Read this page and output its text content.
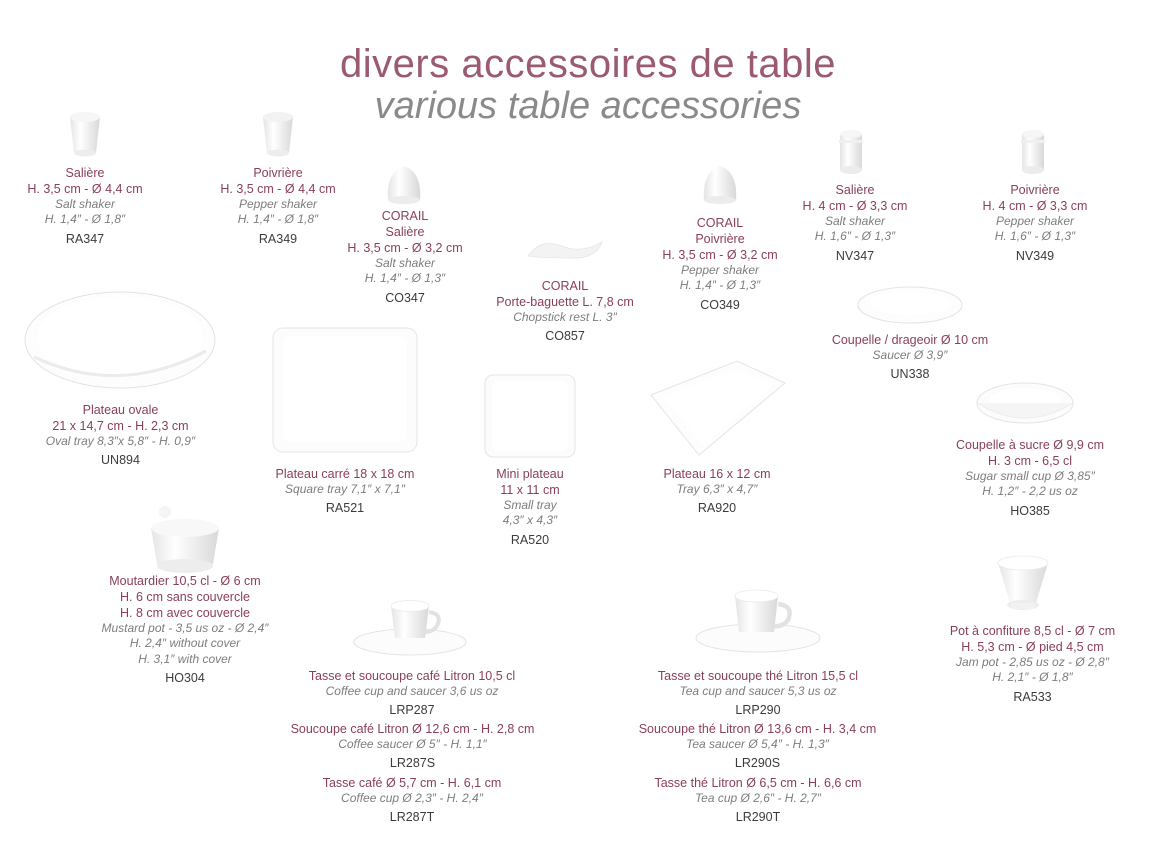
divers accessoires de table
various table accessories
Salière
H. 3,5 cm - Ø 4,4 cm
Salt shaker
H. 1,4″ - Ø 1,8″
RA347
Poivrière
H. 3,5 cm - Ø 4,4 cm
Pepper shaker
H. 1,4″ - Ø 1,8″
RA349
CORAIL
Salière
H. 3,5 cm - Ø 3,2 cm
Salt shaker
H. 1,4″ - Ø 1,3″
CO347
CORAIL
Porte-baguette L. 7,8 cm
Chopstick rest L. 3″
CO857
CORAIL
Poivrière
H. 3,5 cm - Ø 3,2 cm
Pepper shaker
H. 1,4″ - Ø 1,3″
CO349
Salière
H. 4 cm - Ø 3,3 cm
Salt shaker
H. 1,6″ - Ø 1,3″
NV347
Poivrière
H. 4 cm - Ø 3,3 cm
Pepper shaker
H. 1,6″ - Ø 1,3″
NV349
Plateau ovale
21 x 14,7 cm - H. 2,3 cm
Oval tray 8,3″x 5,8″ - H. 0,9″
UN894
Plateau carré 18 x 18 cm
Square tray 7,1″ x 7,1″
RA521
Mini plateau
11 x 11 cm
Small tray
4,3″ x 4,3″
RA520
Plateau 16 x 12 cm
Tray 6,3″ x 4,7″
RA920
Coupelle / drageoir Ø 10 cm
Saucer Ø 3,9″
UN338
Coupelle à sucre Ø 9,9 cm
H. 3 cm - 6,5 cl
Sugar small cup Ø 3,85″
H. 1,2″ - 2,2 us oz
HO385
Moutardier 10,5 cl - Ø 6 cm
H. 6 cm sans couvercle
H. 8 cm avec couvercle
Mustard pot - 3,5 us oz - Ø 2,4″
H. 2,4″ without cover
H. 3,1″ with cover
HO304	Tasse et soucoupe café Litron 10,5 cl
Coffee cup and saucer 3,6 us oz
LRP287
Soucoupe café Litron Ø 12,6 cm - H. 2,8 cm
Coffee saucer Ø 5″ - H. 1,1″
LR287S
Tasse café Ø 5,7 cm - H. 6,1 cm
Coffee cup Ø 2,3″ - H. 2,4″
LR287T
Tasse et soucoupe thé Litron 15,5 cl
Tea cup and saucer 5,3 us oz
LRP290
Soucoupe thé Litron Ø 13,6 cm - H. 3,4 cm
Tea saucer Ø 5,4″ - H. 1,3″
LR290S
Tasse thé Litron Ø 6,5 cm - H. 6,6 cm
Tea cup Ø 2,6″ - H. 2,7″
LR290T
Pot à confiture 8,5 cl - Ø 7 cm
H. 5,3 cm - Ø pied 4,5 cm
Jam pot - 2,85 us oz - Ø 2,8″
H. 2,1″ - Ø 1,8″
RA533
